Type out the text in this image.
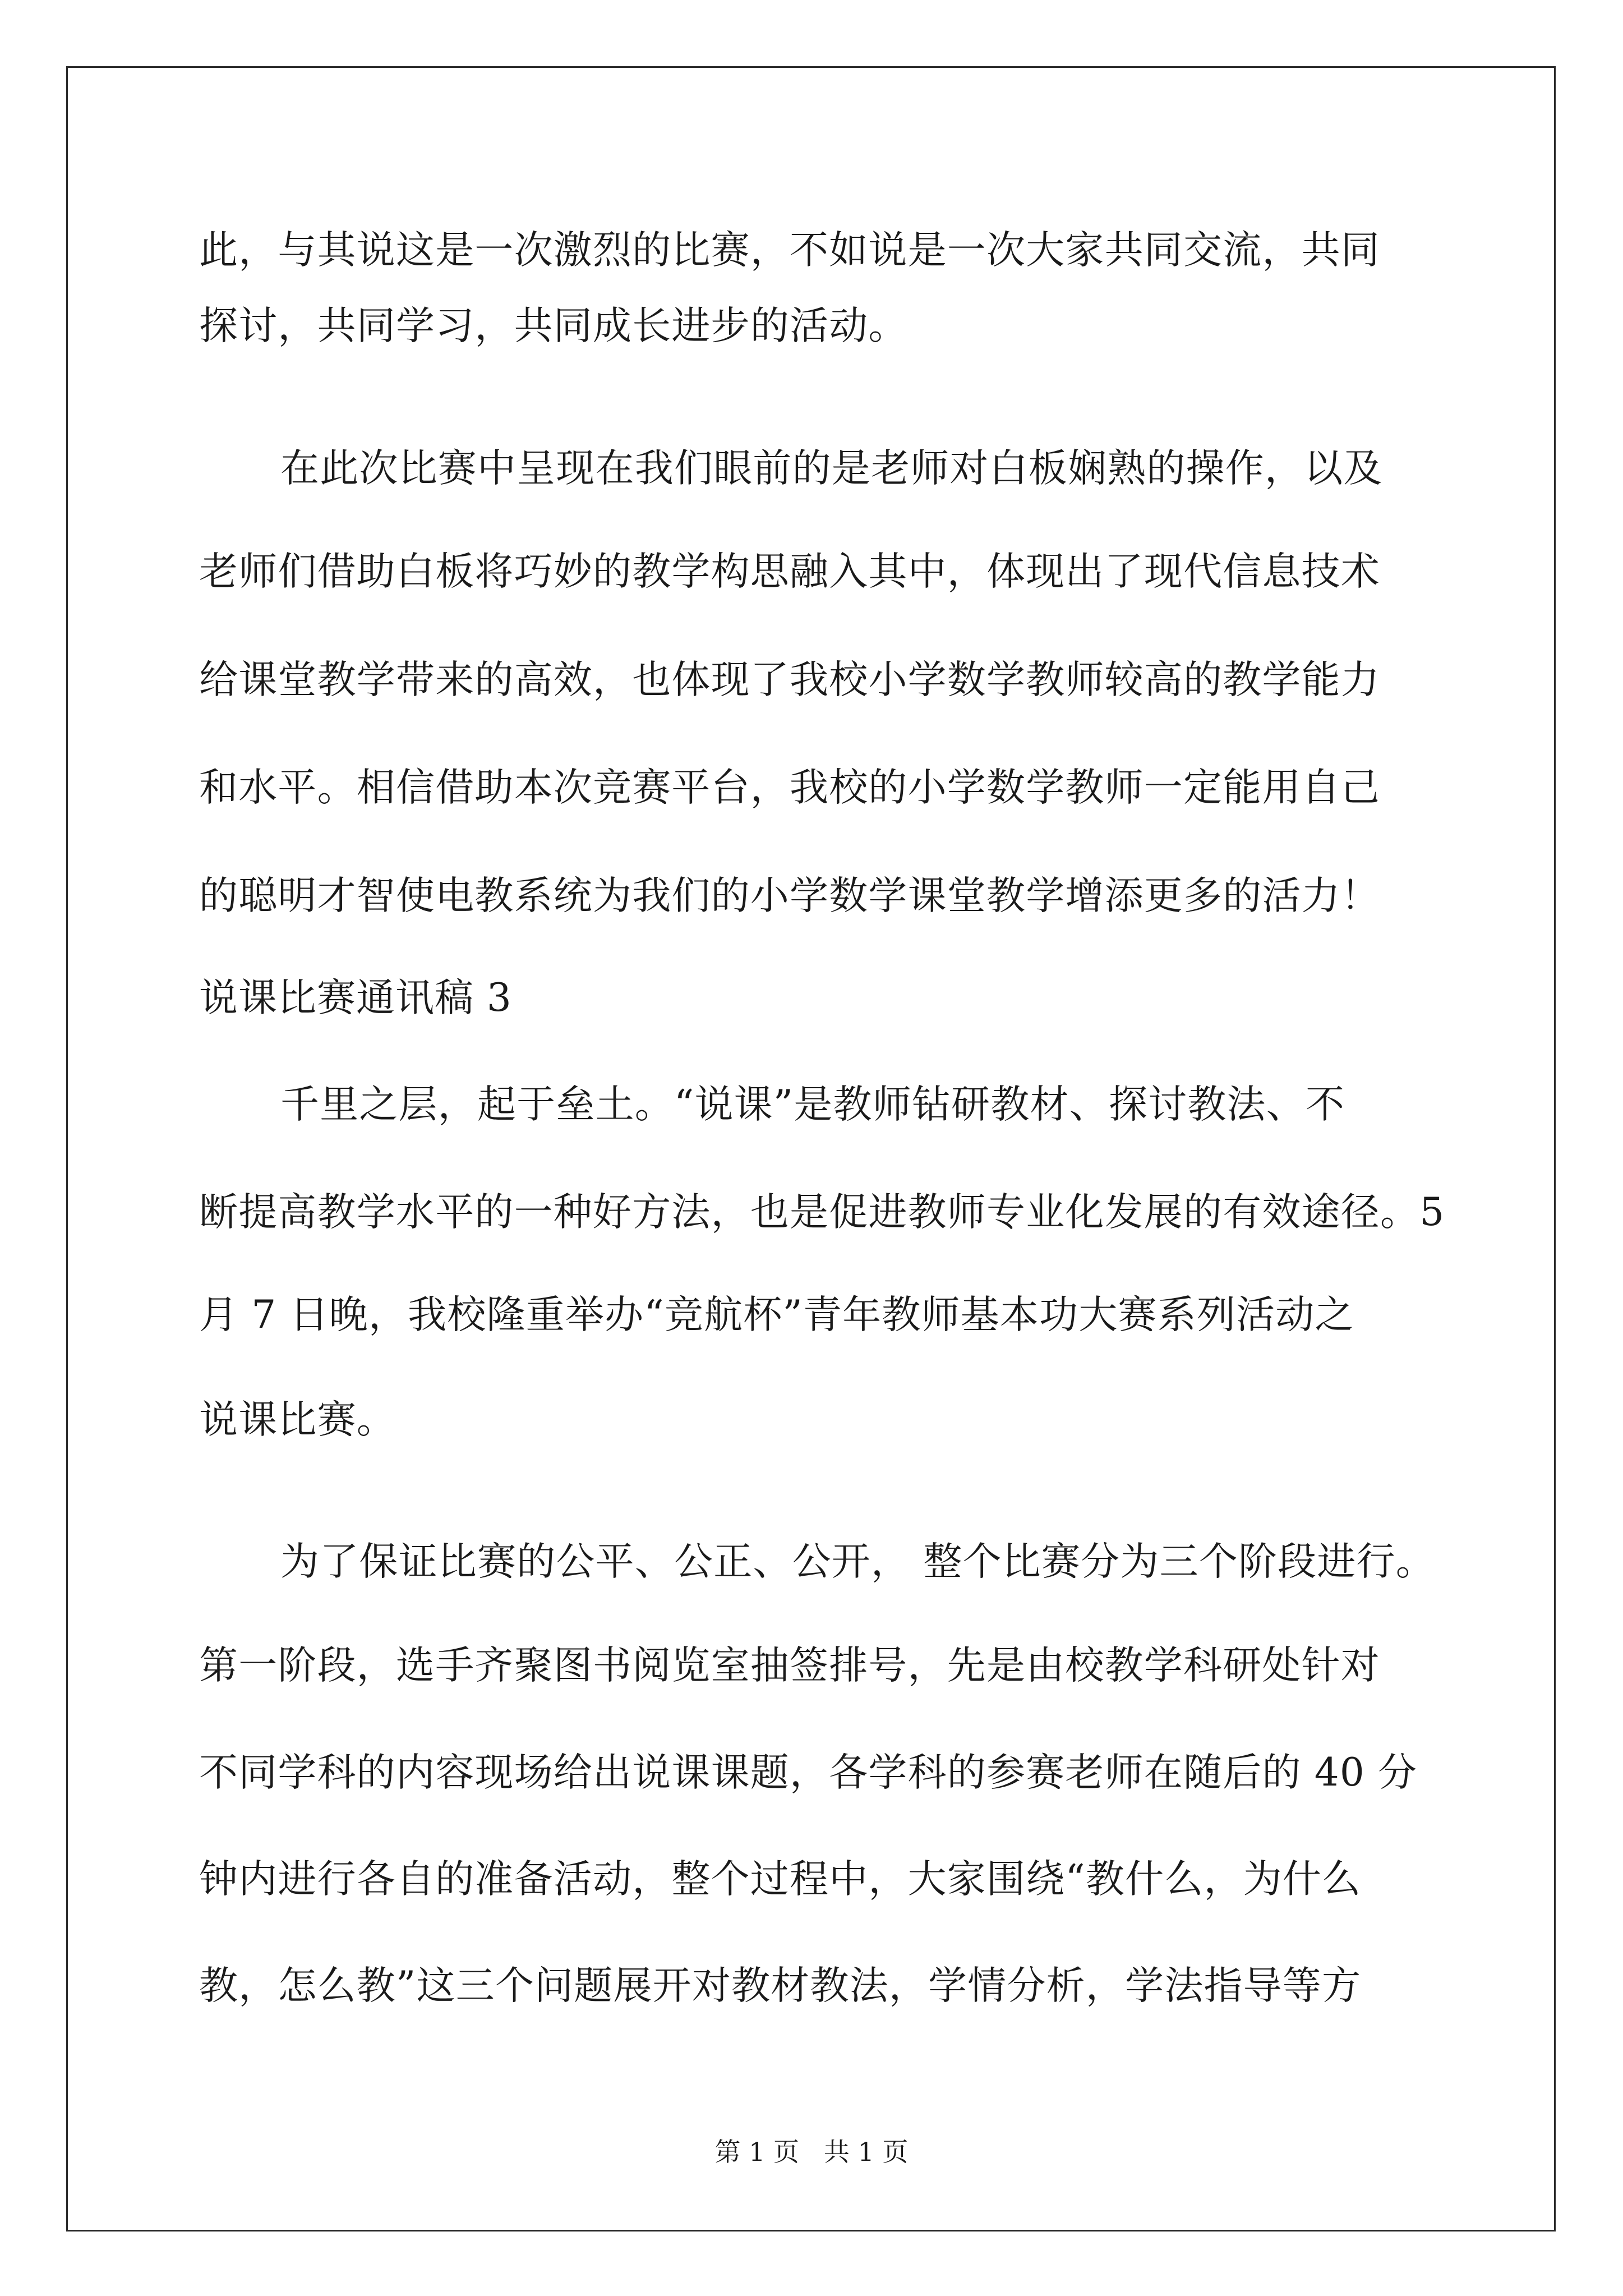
此，与其说这是一次激烈的比赛，不如说是一次大家共同交流，共同
探讨，共同学习，共同成长进步的活动。
在此次比赛中呈现在我们眼前的是老师对白板娴熟的操作，以及
老师们借助白板将巧妙的教学构思融入其中，体现出了现代信息技术
给课堂教学带来的高效，也体现了我校小学数学教师较高的教学能力
和水平。相信借助本次竞赛平台，我校的小学数学教师一定能用自己
的聪明才智使电教系统为我们的小学数学课堂教学增添更多的活力！
说课比赛通讯稿 3
千里之层，起于垒土。“说课”是教师钻研教材、探讨教法、不
断提高教学水平的一种好方法，也是促进教师专业化发展的有效途径。5
月 7 日晚，我校隆重举办“竞航杯”青年教师基本功大赛系列活动之
说课比赛。
为了保证比赛的公平、公正、公开， 整个比赛分为三个阶段进行。
第一阶段，选手齐聚图书阅览室抽签排号，先是由校教学科研处针对
不同学科的内容现场给出说课课题，各学科的参赛老师在随后的 40 分
钟内进行各自的准备活动，整个过程中，大家围绕“教什么，为什么
教，怎么教”这三个问题展开对教材教法，学情分析，学法指导等方
第 1 页   共 1 页
